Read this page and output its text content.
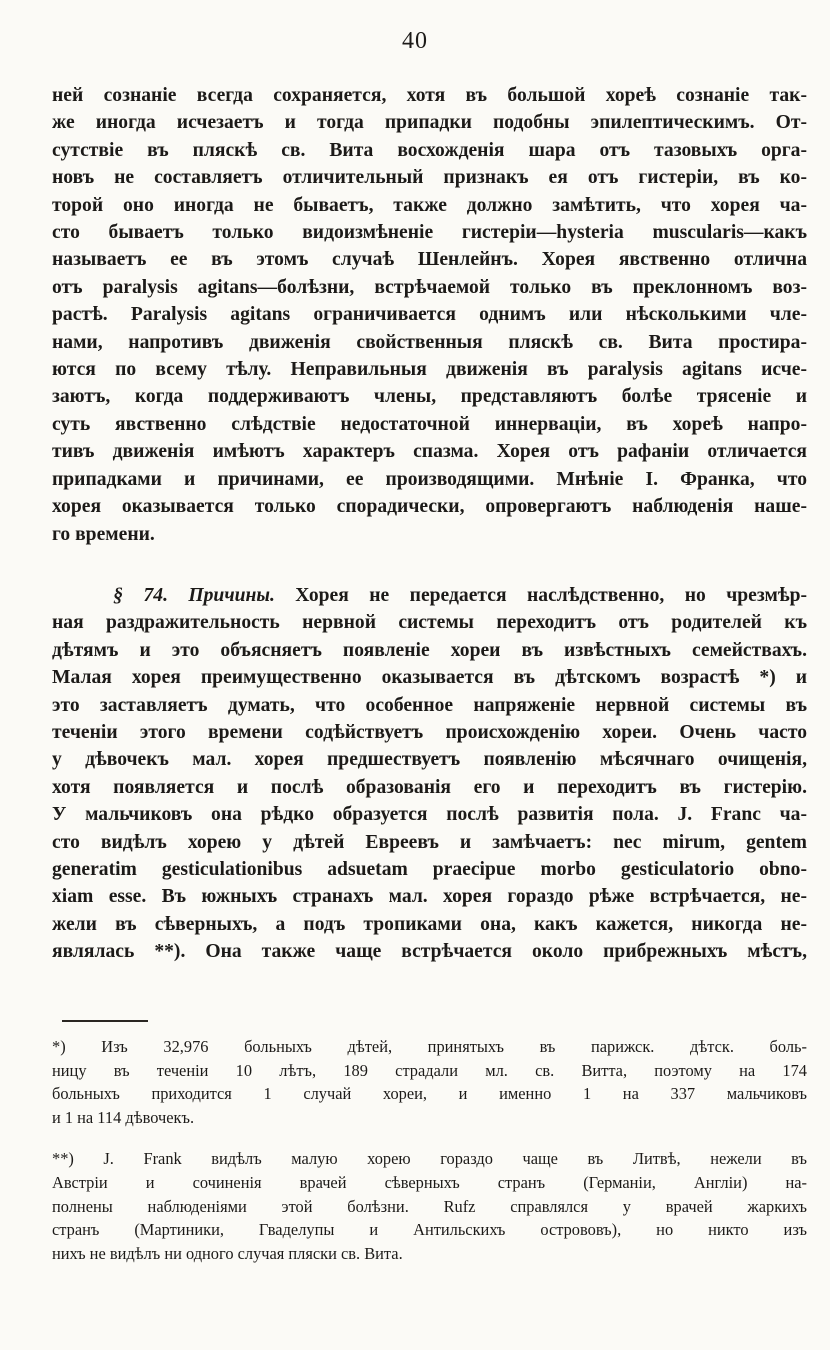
40
ней сознаніе всегда сохраняется, хотя въ большой хореѣ сознаніе так-
же иногда исчезаетъ и тогда припадки подобны эпилептическимъ. От-
сутствіе въ пляскѣ св. Вита восхожденія шара отъ тазовыхъ орга-
новъ не составляетъ отличительный признакъ ея отъ гистеріи, въ ко-
торой оно иногда не бываетъ, также должно замѣтить, что хорея ча-
сто бываетъ только видоизмѣненіе гистеріи—hysteria muscularis—какъ
называетъ ее въ этомъ случаѣ Шенлейнъ. Хорея явственно отлична
отъ paralysis agitans—болѣзни, встрѣчаемой только въ преклонномъ воз-
растѣ. Paralysis agitans ограничивается однимъ или нѣсколькими чле-
нами, напротивъ движенія свойственныя пляскѣ св. Вита простира-
ются по всему тѣлу. Неправильныя движенія въ paralysis agitans исче-
заютъ, когда поддерживаютъ члены, представляютъ болѣе трясеніе и
суть явственно слѣдствіе недостаточной иннервацiи, въ хореѣ напро-
тивъ движенія имѣютъ характеръ спазма. Хорея отъ рафаніи отличается
припадками и причинами, ее производящими. Мнѣніе І. Франка, что
хорея оказывается только спорадически, опровергаютъ наблюденія наше-
го времени.
§ 74. Причины. Хорея не передается наслѣдственно, но чрезмѣр-
ная раздражительность нервной системы переходитъ отъ родителей къ
дѣтямъ и это объясняетъ появленіе хореи въ извѣстныхъ семействахъ.
Малая хорея преимущественно оказывается въ дѣтскомъ возрастѣ *) и
это заставляетъ думать, что особенное напряженіе нервной системы въ
теченіи этого времени содѣйствуетъ происхожденію хореи. Очень часто
у дѣвочекъ мал. хорея предшествуетъ появленію мѣсячнаго очищенія,
хотя появляется и послѣ образованія его и переходитъ въ гистерію.
У мальчиковъ она рѣдко образуется послѣ развитія пола. J. Franc ча-
сто видѣлъ хорею у дѣтей Евреевъ и замѣчаетъ: nec mirum, gentem
generatim gesticulationibus adsuetam praecipue morbo gesticulatorio obno-
xiam esse. Въ южныхъ странахъ мал. хорея гораздо рѣже встрѣчается, не-
жели въ сѣверныхъ, а подъ тропиками она, какъ кажется, никогда не-
являлась **). Она также чаще встрѣчается около прибрежныхъ мѣстъ,
*) Изъ 32,976 больныхъ дѣтей, принятыхъ въ парижск. дѣтск. боль-
ницу въ теченіи 10 лѣтъ, 189 страдали мл. св. Витта, поэтому на 174
больныхъ приходится 1 случай хореи, и именно 1 на 337 мальчиковъ
и 1 на 114 дѣвочекъ.
**) J. Frank видѣлъ малую хорею гораздо чаще въ Литвѣ, нежели въ
Австріи и сочиненія врачей сѣверныхъ странъ (Германіи, Англіи) на-
полнены наблюденіями этой болѣзни. Rufz справлялся у врачей жаркихъ
странъ (Мартиники, Гваделупы и Антильскихъ острововъ), но никто изъ
нихъ не видѣлъ ни одного случая пляски св. Вита.
